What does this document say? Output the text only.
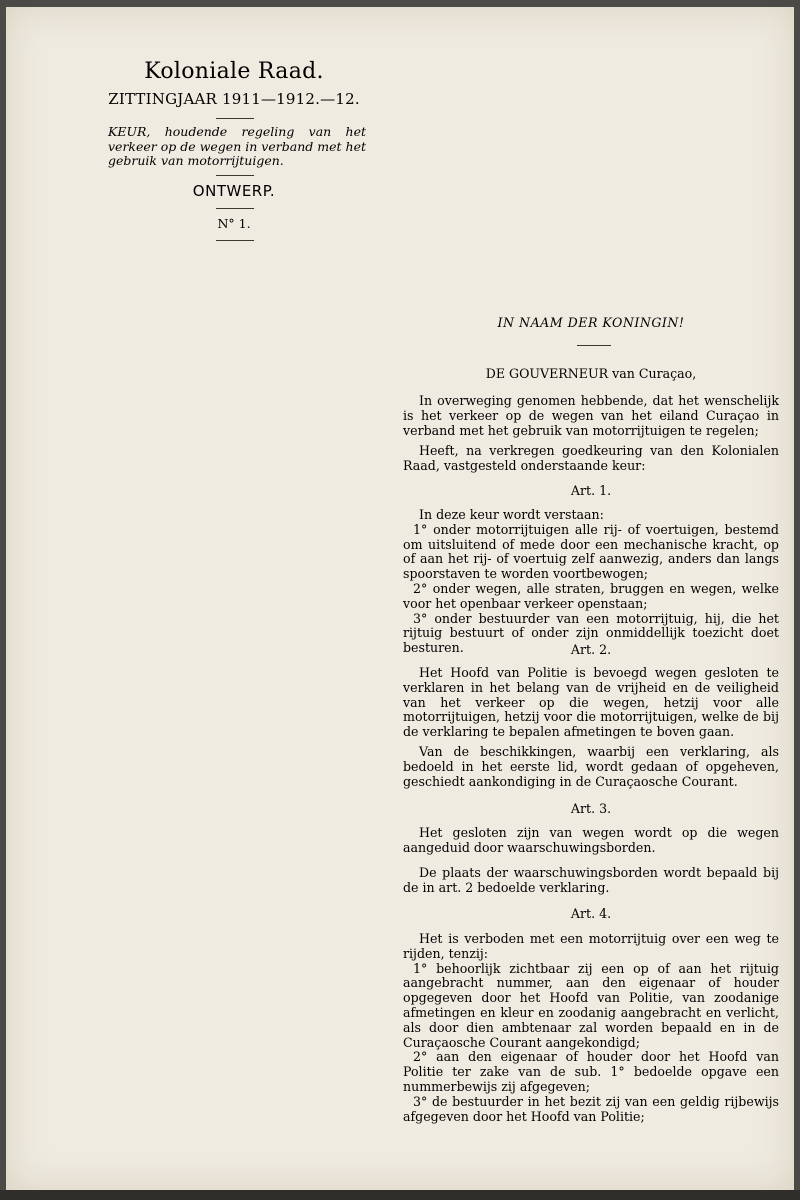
Koloniale Raad.
ZITTINGJAAR 1911—1912.—12.
KEUR, houdende regeling van het verkeer op de wegen in verband met het gebruik van motorrijtuigen.
ONTWERP.
N° 1.
IN NAAM DER KONINGIN!
DE GOUVERNEUR van Curaçao,

In overweging genomen hebbende, dat het wenschelijk is het verkeer op de wegen van het eiland Curaçao in verband met het gebruik van motorrijtuigen te regelen;

Heeft, na verkregen goedkeuring van den Kolonialen Raad, vastgesteld onderstaande keur:

Art. 1.

In deze keur wordt verstaan:

1° onder motorrijtuigen alle rij- of voertuigen, bestemd om uitsluitend of mede door een mechanische kracht, op of aan het rij- of voertuig zelf aanwezig, anders dan langs spoorstaven te worden voortbewogen;

2° onder wegen, alle straten, bruggen en wegen, welke voor het openbaar verkeer openstaan;

3° onder bestuurder van een motorrijtuig, hij, die het rijtuig bestuurt of onder zijn onmiddellijk toezicht doet besturen.	Art. 2.

Het Hoofd van Politie is bevoegd wegen gesloten te verklaren in het belang van de vrijheid en de veiligheid van het verkeer op die wegen, hetzij voor alle motorrijtuigen, hetzij voor die motorrijtuigen, welke de bij de verklaring te bepalen afmetingen te boven gaan.

Van de beschikkingen, waarbij een verklaring, als bedoeld in het eerste lid, wordt gedaan of opgeheven, geschiedt aankondiging in de Curaçaosche Courant.

Art. 3.

Het gesloten zijn van wegen wordt op die wegen aangeduid door waarschuwingsborden.

De plaats der waarschuwingsborden wordt bepaald bij de in art. 2 bedoelde verklaring.

Art. 4.

Het is verboden met een motorrijtuig over een weg te rijden, tenzij:

1° behoorlijk zichtbaar zij een op of aan het rijtuig aangebracht nummer, aan den eigenaar of houder opgegeven door het Hoofd van Politie, van zoodanige afmetingen en kleur en zoodanig aangebracht en verlicht, als door dien ambtenaar zal worden bepaald en in de Curaçaosche Courant aangekondigd;

2° aan den eigenaar of houder door het Hoofd van Politie ter zake van de sub. 1° bedoelde opgave een nummerbewijs zij afgegeven;

3° de bestuurder in het bezit zij van een geldig rijbewijs afgegeven door het Hoofd van Politie;
